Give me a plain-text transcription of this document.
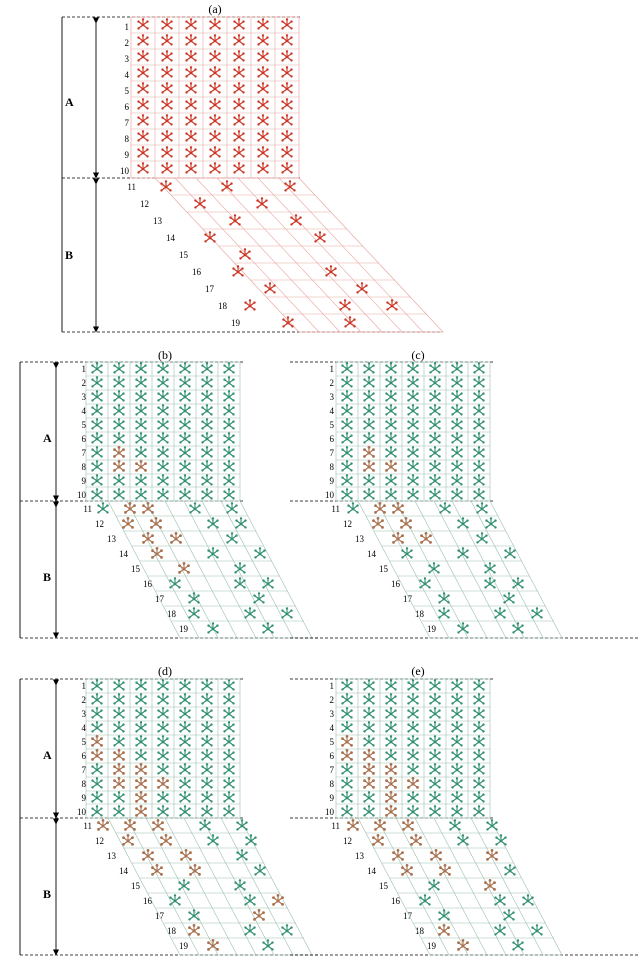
(a)
A
B
1
2
3
4
5
6
7
8
9
10
11
12
13
14
15
16
17
18
19
(b)
A
B
1
2
3
4
5
6
7
8
9
10
11
12
13
14
15
16
17
18
19
(c)
1
2
3
4
5
6
7
8
9
10
11
12
13
14
15
16
17
18
19
(d)
A
B
1
2
3
4
5
6
7
8
9
10
11
12
13
14
15
16
17
18
19
(e)
1
2
3
4
5
6
7
8
9
10
11
12
13
14
15
16
17
18
19
